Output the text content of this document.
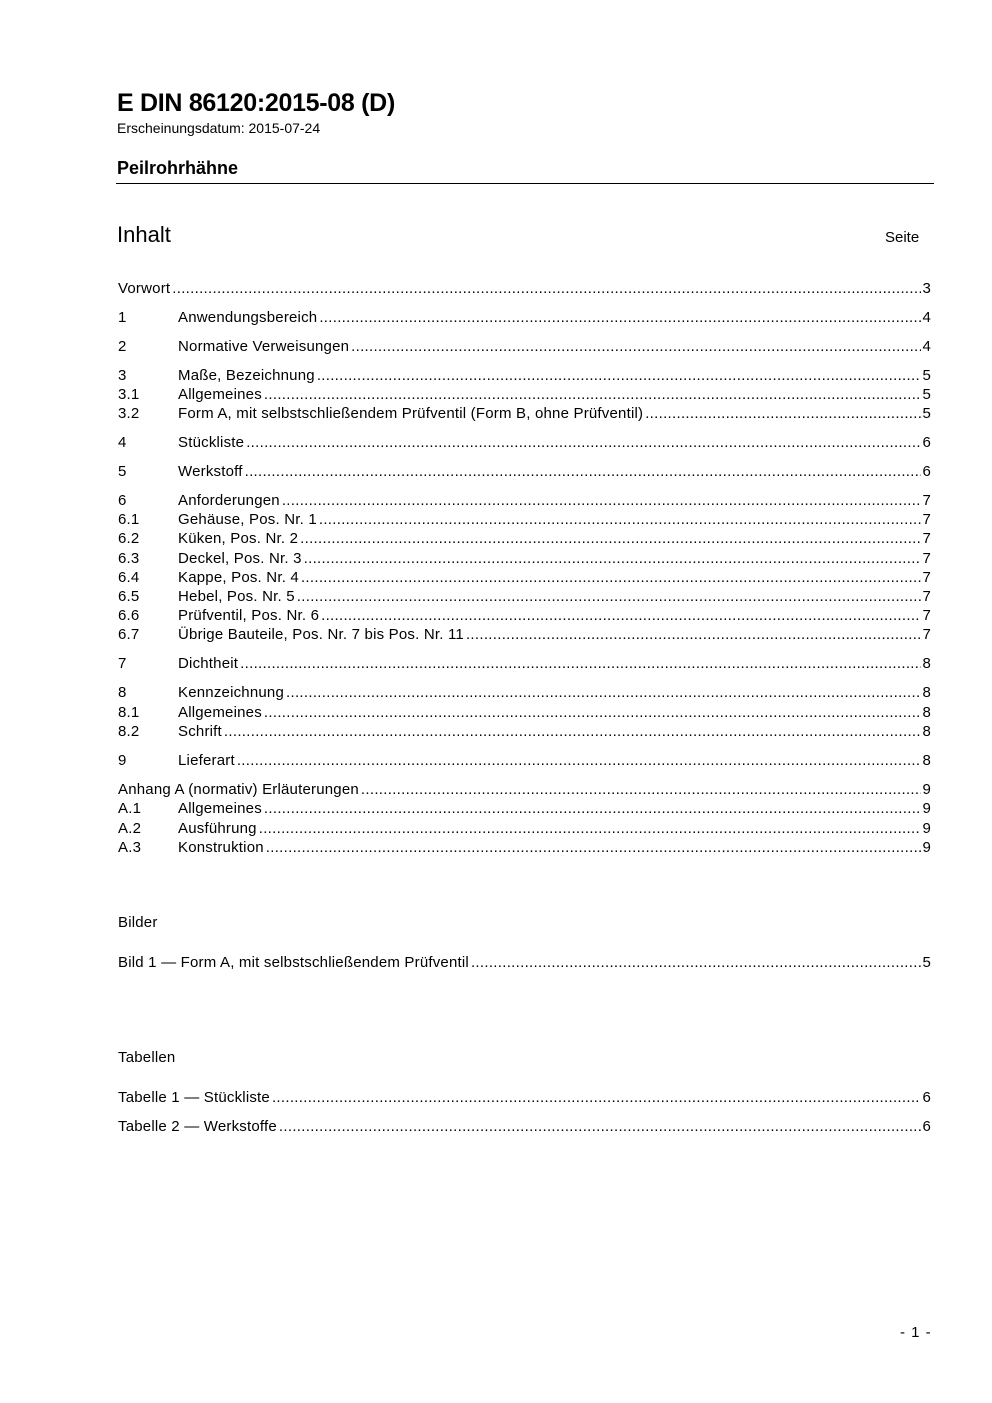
E DIN 86120:2015-08 (D)
Erscheinungsdatum: 2015-07-24
Peilrohrhähne
Inhalt	Seite
Vorwort .....	3
1	Anwendungsbereich .....	4
2	Normative Verweisungen .....	4
3	Maße, Bezeichnung .....	5
3.1	Allgemeines .....	5
3.2	Form A, mit selbstschließendem Prüfventil (Form B, ohne Prüfventil) .....	5
4	Stückliste .....	6
5	Werkstoff .....	6
6	Anforderungen .....	7
6.1	Gehäuse, Pos. Nr. 1 .....	7
6.2	Küken, Pos. Nr. 2 .....	7
6.3	Deckel, Pos. Nr. 3 .....	7
6.4	Kappe, Pos. Nr. 4 .....	7
6.5	Hebel, Pos. Nr. 5 .....	7
6.6	Prüfventil, Pos. Nr. 6 .....	7
6.7	Übrige Bauteile, Pos. Nr. 7 bis Pos. Nr. 11 .....	7
7	Dichtheit .....	8
8	Kennzeichnung .....	8
8.1	Allgemeines .....	8
8.2	Schrift .....	8
9	Lieferart .....	8
Anhang A (normativ) Erläuterungen .....	9
A.1 Allgemeines .....	9
A.2 Ausführung .....	9
A.3 Konstruktion .....	9
Bilder
Bild 1 — Form A, mit selbstschließendem Prüfventil .....	5
Tabellen
Tabelle 1 — Stückliste .....	6
Tabelle 2 — Werkstoffe .....	6
- 1 -
